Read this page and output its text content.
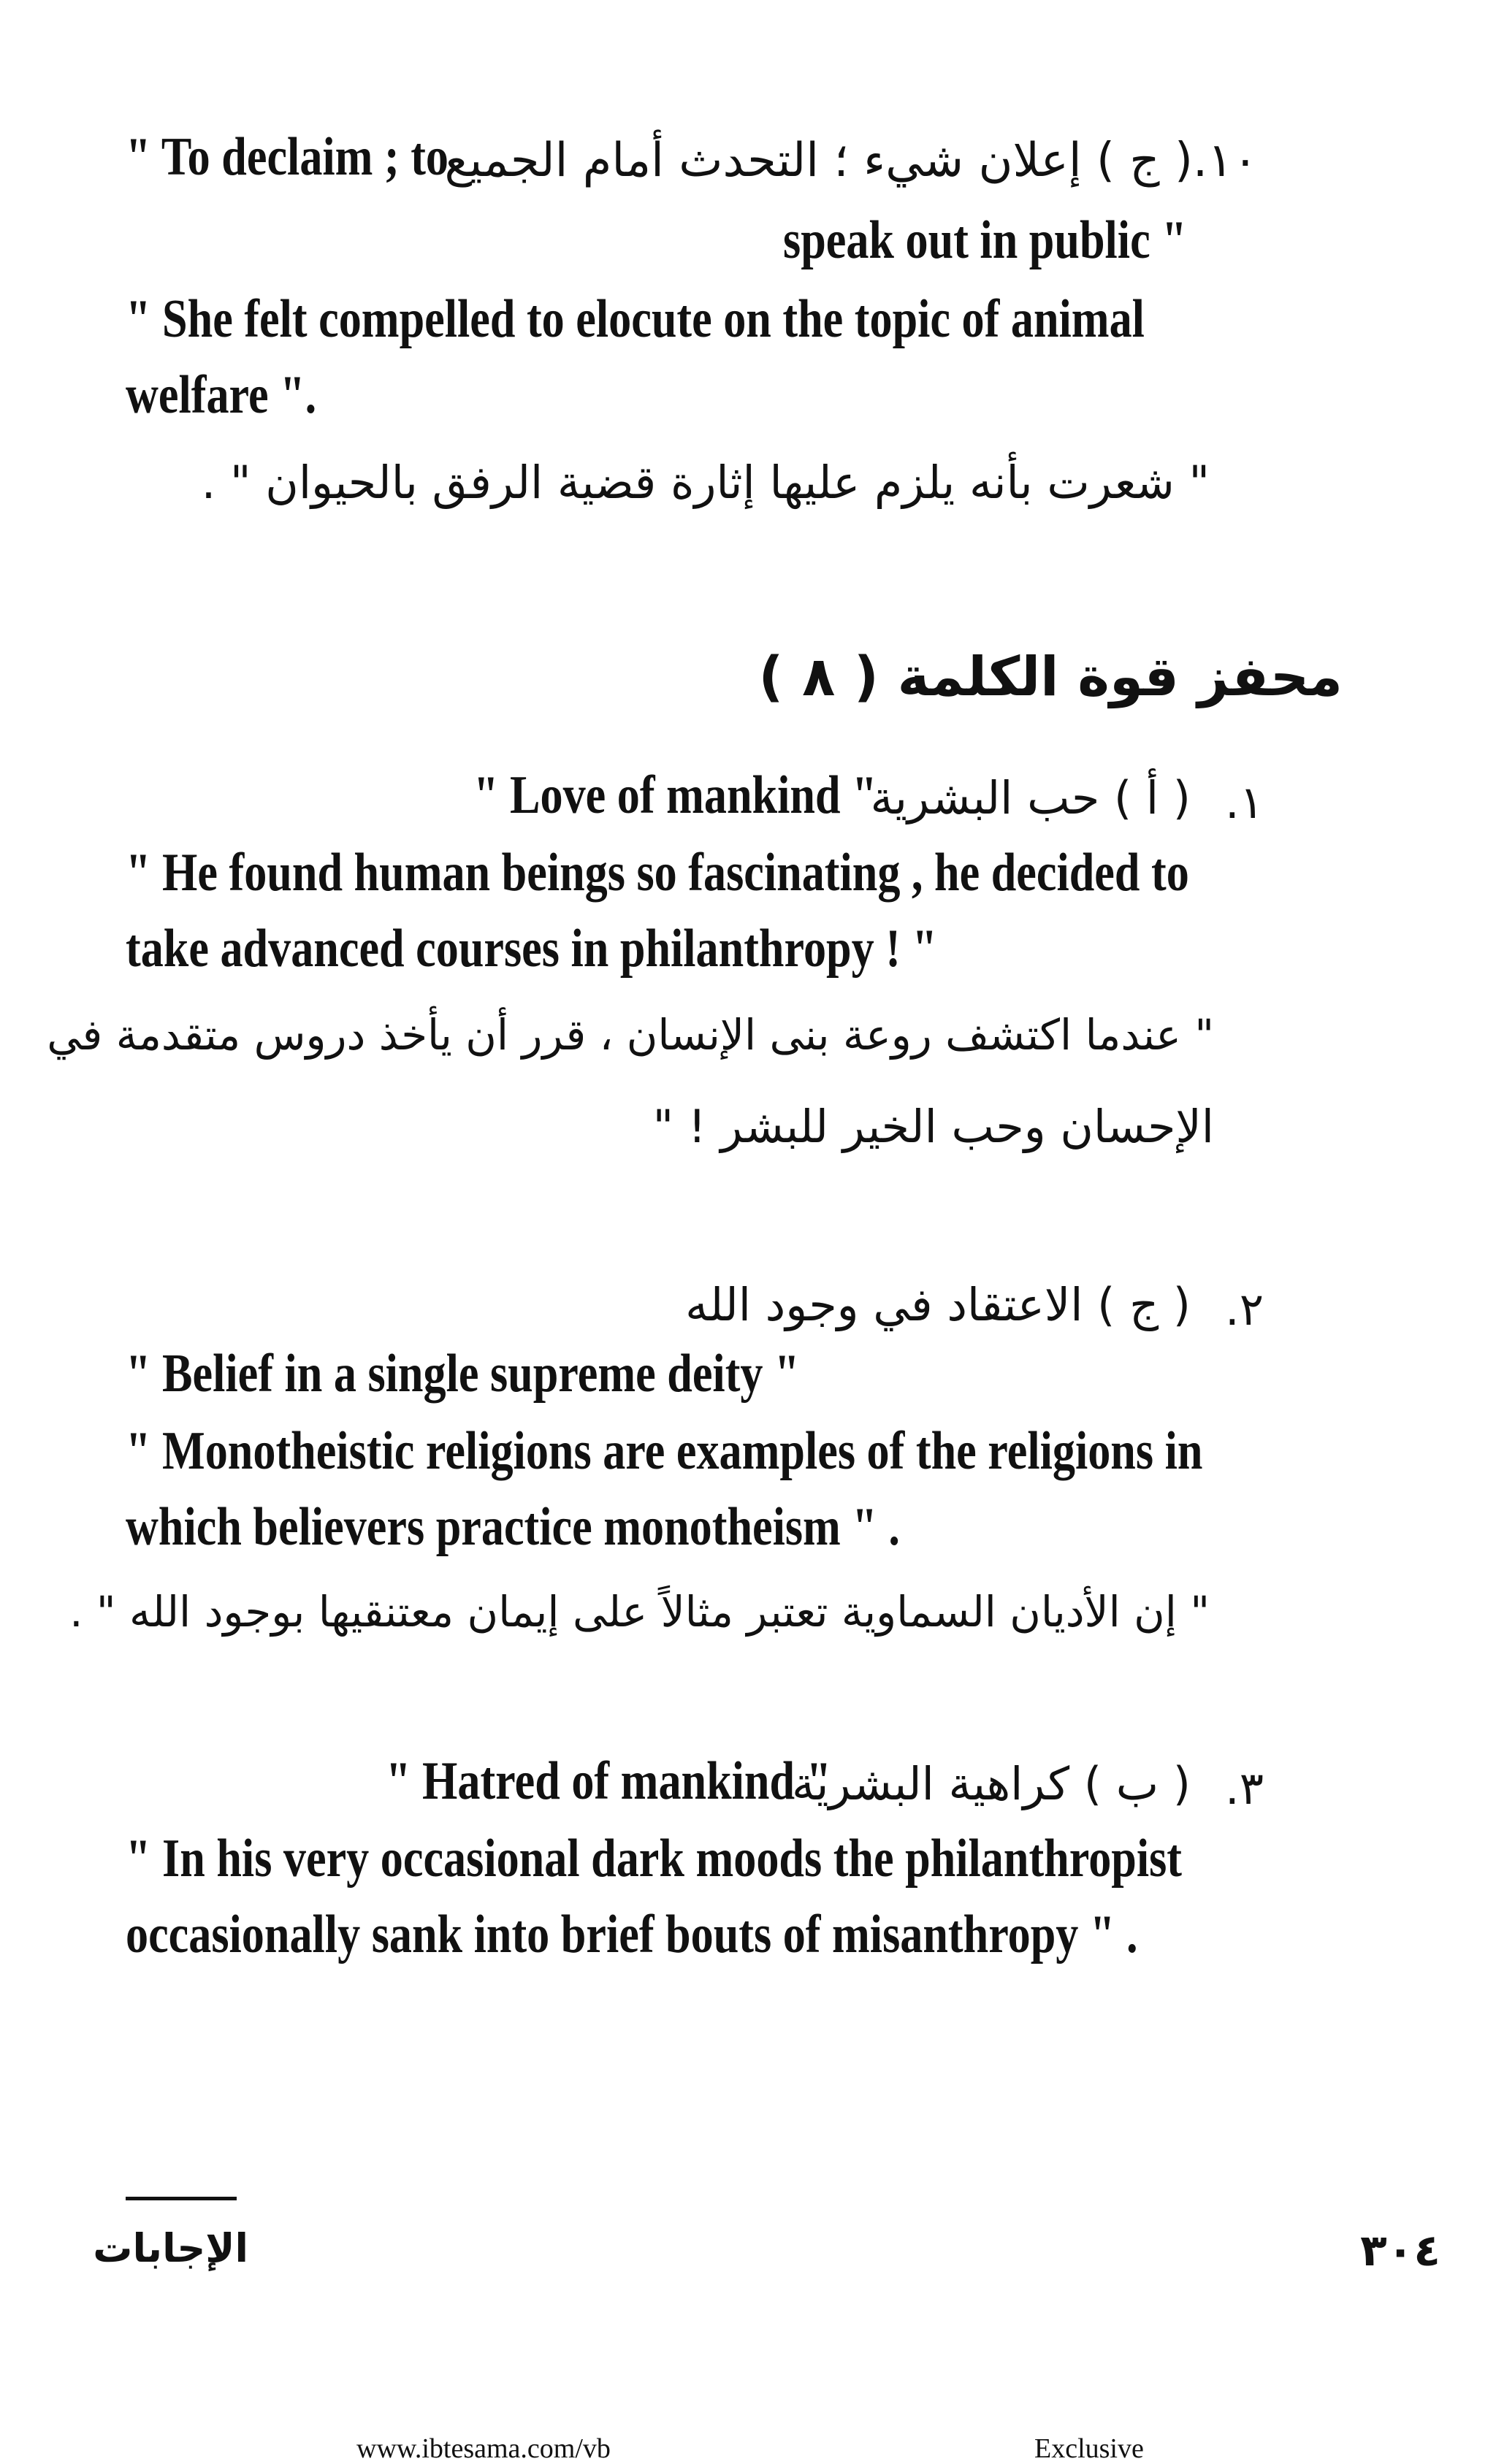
١٠.( ج ) إعلان شيء ؛ التحدث أمام الجميع
" To declaim ; to
speak out in public "
" She felt compelled to elocute on the topic of animal
welfare ".
" شعرت بأنه يلزم عليها إثارة قضية الرفق بالحيوان " .
محفز قوة الكلمة ( ٨ )
١.
( أ ) حب البشرية
" Love of mankind "
" He found human beings so fascinating , he decided to
take advanced courses in philanthropy ! "
" عندما اكتشف روعة بنى الإنسان ، قرر أن يأخذ دروس متقدمة في
الإحسان وحب الخير للبشر ! "
٢.
( ج ) الاعتقاد في وجود الله
" Belief in a single supreme deity "
" Monotheistic religions are examples of the religions in
which believers practice monotheism " .
" إن الأديان السماوية تعتبر مثالاً على إيمان معتنقيها بوجود الله " .
٣.
( ب ) كراهية البشرية
" Hatred of mankind "
" In his very occasional dark moods the philanthropist
occasionally sank into brief bouts of misanthropy " .
الإجابات	٣٠٤
www.ibtesama.com/vb	Exclusive
